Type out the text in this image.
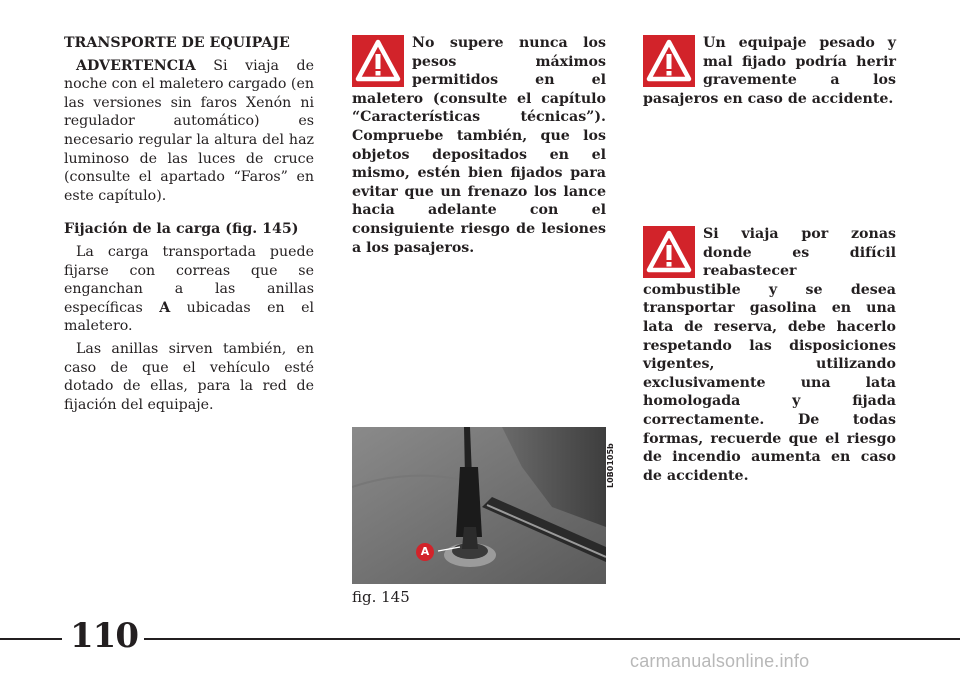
TRANSPORTE DE EQUIPAJE

ADVERTENCIA Si viaja de noche con el maletero cargado (en las versiones sin faros Xenón ni regulador automático) es necesario regular la altura del haz luminoso de las luces de cruce (consulte el apartado “Faros” en este capítulo).

Fijación de la carga (fig. 145)

La carga transportada puede fijarse con correas que se enganchan a las anillas específicas A ubicadas en el maletero.

Las anillas sirven también, en caso de que el vehículo esté dotado de ellas, para la red de fijación del equipaje.

No supere nunca los pesos máximos permitidos en el maletero (consulte el capítulo “Características técnicas”). Compruebe también, que los objetos depositados en el mismo, estén bien fijados para evitar que un frenazo los lance hacia adelante con el consiguiente riesgo de lesiones a los pasajeros.

A
L0B0105b
fig. 145

Un equipaje pesado y mal fijado podría herir gravemente a los pasajeros en caso de accidente.

Si viaja por zonas donde es difícil reabastecer combustible y se desea transportar gasolina en una lata de reserva, debe hacerlo respetando las disposiciones vigentes, utilizando exclusivamente una lata homologada y fijada correctamente. De todas formas, recuerde que el riesgo de incendio aumenta en caso de accidente.

110
carmanualsonline.info
